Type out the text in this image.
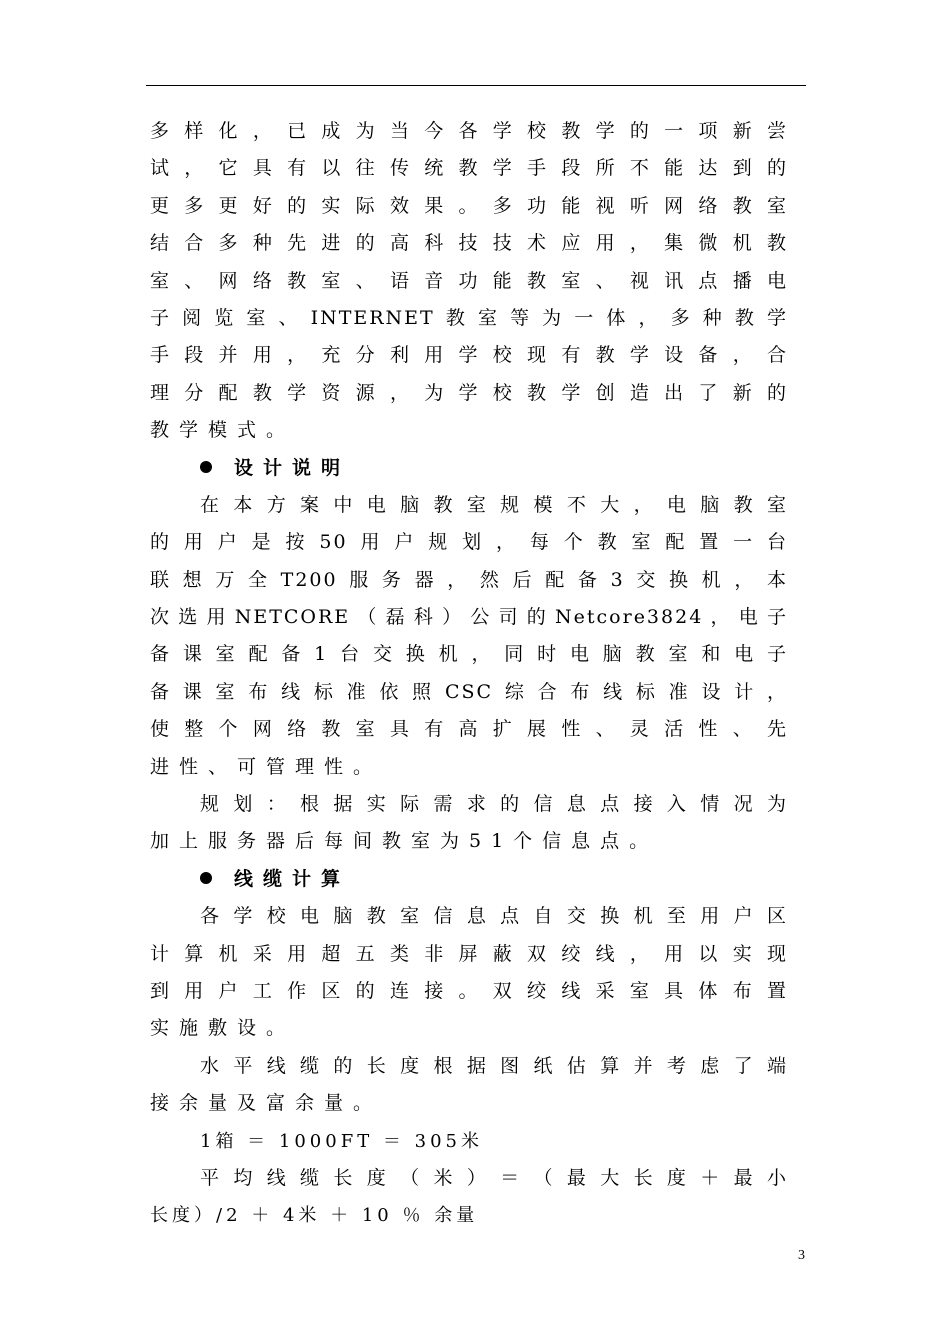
多样化，已成为当今各学校教学的一项新尝
试，它具有以往传统教学手段所不能达到的
更多更好的实际效果。多功能视听网络教室
结合多种先进的高科技技术应用，集微机教
室、网络教室、语音功能教室、视讯点播电
子阅览室、INTERNET教室等为一体，多种教学
手段并用，充分利用学校现有教学设备，合
理分配教学资源，为学校教学创造出了新的
教学模式。
设计说明
在本方案中电脑教室规模不大，电脑教室
的用户是按50用户规划，每个教室配置一台
联想万全T200服务器，然后配备3交换机，本
次选用NETCORE（磊科）公司的Netcore3824，电子
备课室配备1台交换机，同时电脑教室和电子
备课室布线标准依照CSC综合布线标准设计，
使整个网络教室具有高扩展性、灵活性、先
进性、可管理性。
规划：根据实际需求的信息点接入情况为
加上服务器后每间教室为51个信息点。
线缆计算
各学校电脑教室信息点自交换机至用户区
计算机采用超五类非屏蔽双绞线，用以实现
到用户工作区的连接。双绞线采室具体布置
实施敷设。
水平线缆的长度根据图纸估算并考虑了端
接余量及富余量。
1箱 ＝ 1000FT ＝ 305米
平均线缆长度（米）＝（最大长度＋最小
长度）/2 ＋ 4米 ＋ 10 ％ 余量
3
